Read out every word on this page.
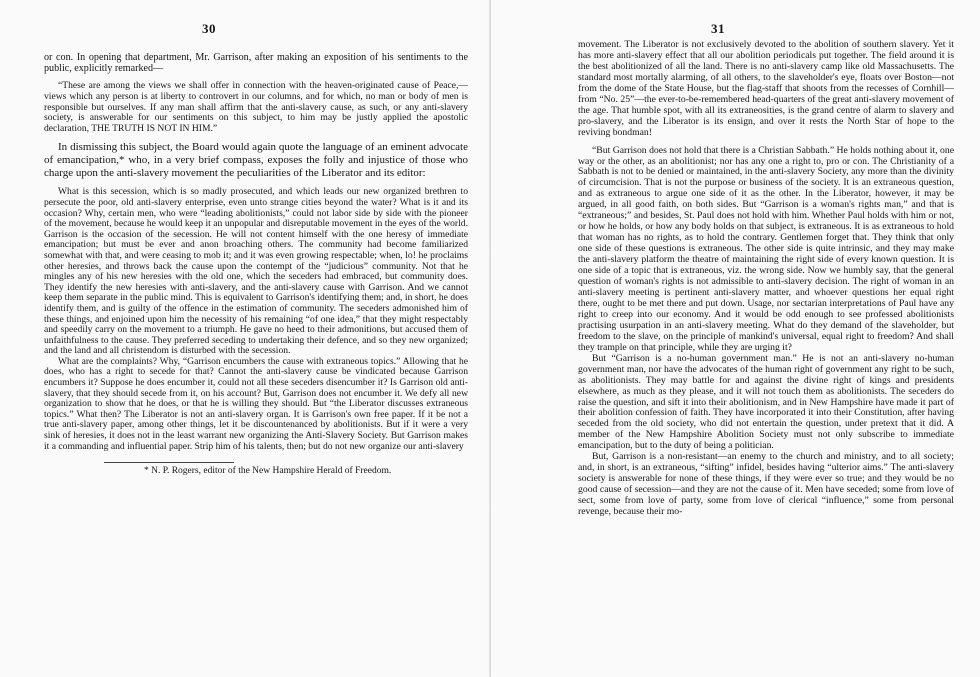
30

or con. In opening that department, Mr. Garrison, after making an exposition of his sentiments to the public, explicitly remarked—

“These are among the views we shall offer in connection with the heaven-originated cause of Peace,—views which any person is at liberty to controvert in our columns, and for which, no man or body of men is responsible but ourselves. If any man shall affirm that the anti-slavery cause, as such, or any anti-slavery society, is answerable for our sentiments on this subject, to him may be justly applied the apostolic declaration, THE TRUTH IS NOT IN HIM.”

In dismissing this subject, the Board would again quote the language of an eminent advocate of emancipation,* who, in a very brief compass, exposes the folly and injustice of those who charge upon the anti-slavery movement the peculiarities of the Liberator and its editor:

What is this secession, which is so madly prosecuted, and which leads our new organized brethren to persecute the poor, old anti-slavery enterprise, even unto strange cities beyond the water? What is it and its occasion? Why, certain men, who were “leading abolitionists,” could not labor side by side with the pioneer of the movement, because he would keep it an unpopular and disreputable movement in the eyes of the world. Garrison is the occasion of the secession. He will not content himself with the one heresy of immediate emancipation; but must be ever and anon broaching others. The community had become familiarized somewhat with that, and were ceasing to mob it; and it was even growing respectable; when, lo! he proclaims other heresies, and throws back the cause upon the contempt of the “judicious” community. Not that he mingles any of his new heresies with the old one, which the seceders had embraced, but community does. They identify the new heresies with anti-slavery, and the anti-slavery cause with Garrison. And we cannot keep them separate in the public mind. This is equivalent to Garrison's identifying them; and, in short, he does identify them, and is guilty of the offence in the estimation of community. The seceders admonished him of these things, and enjoined upon him the necessity of his remaining “of one idea,” that they might respectably and speedily carry on the movement to a triumph. He gave no heed to their admonitions, but accused them of unfaithfulness to the cause. They preferred seceding to undertaking their defence, and so they new organized; and the land and all christendom is disturbed with the secession.

What are the complaints? Why, “Garrison encumbers the cause with extraneous topics.” Allowing that he does, who has a right to secede for that? Cannot the anti-slavery cause be vindicated because Garrison encumbers it? Suppose he does encumber it, could not all these seceders disencumber it? Is Garrison old anti-slavery, that they should secede from it, on his account? But, Garrison does not encumber it. We defy all new organization to show that he does, or that he is willing they should. But “the Liberator discusses extraneous topics.” What then? The Liberator is not an anti-slavery organ. It is Garrison's own free paper. If it be not a true anti-slavery paper, among other things, let it be discountenanced by abolitionists. But if it were a very sink of heresies, it does not in the least warrant new organizing the Anti-Slavery Society. But Garrison makes it a commanding and influential paper. Strip him of his talents, then; but do not new organize our anti-slavery

* N. P. Rogers, editor of the New Hampshire Herald of Freedom.

31

movement. The Liberator is not exclusively devoted to the abolition of southern slavery. Yet it has more anti-slavery effect that all our abolition periodicals put together. The field around it is the best abolitionized of all the land. There is no anti-slavery camp like old Massachusetts. The standard most mortally alarming, of all others, to the slaveholder's eye, floats over Boston—not from the dome of the State House, but the flag-staff that shoots from the recesses of Cornhill—from “No. 25”—the ever-to-be-remembered head-quarters of the great anti-slavery movement of the age. That humble spot, with all its extraneosities, is the grand centre of alarm to slavery and pro-slavery, and the Liberator is its ensign, and over it rests the North Star of hope to the reviving bondman!

“But Garrison does not hold that there is a Christian Sabbath.” He holds nothing about it, one way or the other, as an abolitionist; nor has any one a right to, pro or con. The Christianity of a Sabbath is not to be denied or maintained, in the anti-slavery Society, any more than the divinity of circumcision. That is not the purpose or business of the society. It is an extraneous question, and as extraneous to argue one side of it as the other. In the Liberator, however, it may be argued, in all good faith, on both sides. But “Garrison is a woman's rights man,” and that is “extraneous;” and besides, St. Paul does not hold with him. Whether Paul holds with him or not, or how he holds, or how any body holds on that subject, is extraneous. It is as extraneous to hold that woman has no rights, as to hold the contrary. Gentlemen forget that. They think that only one side of these questions is extraneous. The other side is quite intrinsic, and they may make the anti-slavery platform the theatre of maintaining the right side of every known question. It is one side of a topic that is extraneous, viz. the wrong side. Now we humbly say, that the general question of woman's rights is not admissible to anti-slavery decision. The right of woman in an anti-slavery meeting is pertinent anti-slavery matter, and whoever questions her equal right there, ought to be met there and put down. Usage, nor sectarian interpretations of Paul have any right to creep into our economy. And it would be odd enough to see professed abolitionists practising usurpation in an anti-slavery meeting. What do they demand of the slaveholder, but freedom to the slave, on the principle of mankind's universal, equal right to freedom? And shall they trample on that principle, while they are urging it?

But “Garrison is a no-human government man.” He is not an anti-slavery no-human government man, nor have the advocates of the human right of government any right to be such, as abolitionists. They may battle for and against the divine right of kings and presidents elsewhere, as much as they please, and it will not touch them as abolitionists. The seceders do raise the question, and sift it into their abolitionism, and in New Hampshire have made it part of their abolition confession of faith. They have incorporated it into their Constitution, after having seceded from the old society, who did not entertain the question, under pretext that it did. A member of the New Hampshire Abolition Society must not only subscribe to immediate emancipation, but to the duty of being a politician.

But, Garrison is a non-resistant—an enemy to the church and ministry, and to all society; and, in short, is an extraneous, “sifting” infidel, besides having “ulterior aims.” The anti-slavery society is answerable for none of these things, if they were ever so true; and they would be no good cause of secession—and they are not the cause of it. Men have seceded; some from love of sect, some from love of party, some from love of clerical “influence,” some from personal revenge, because their mo-
